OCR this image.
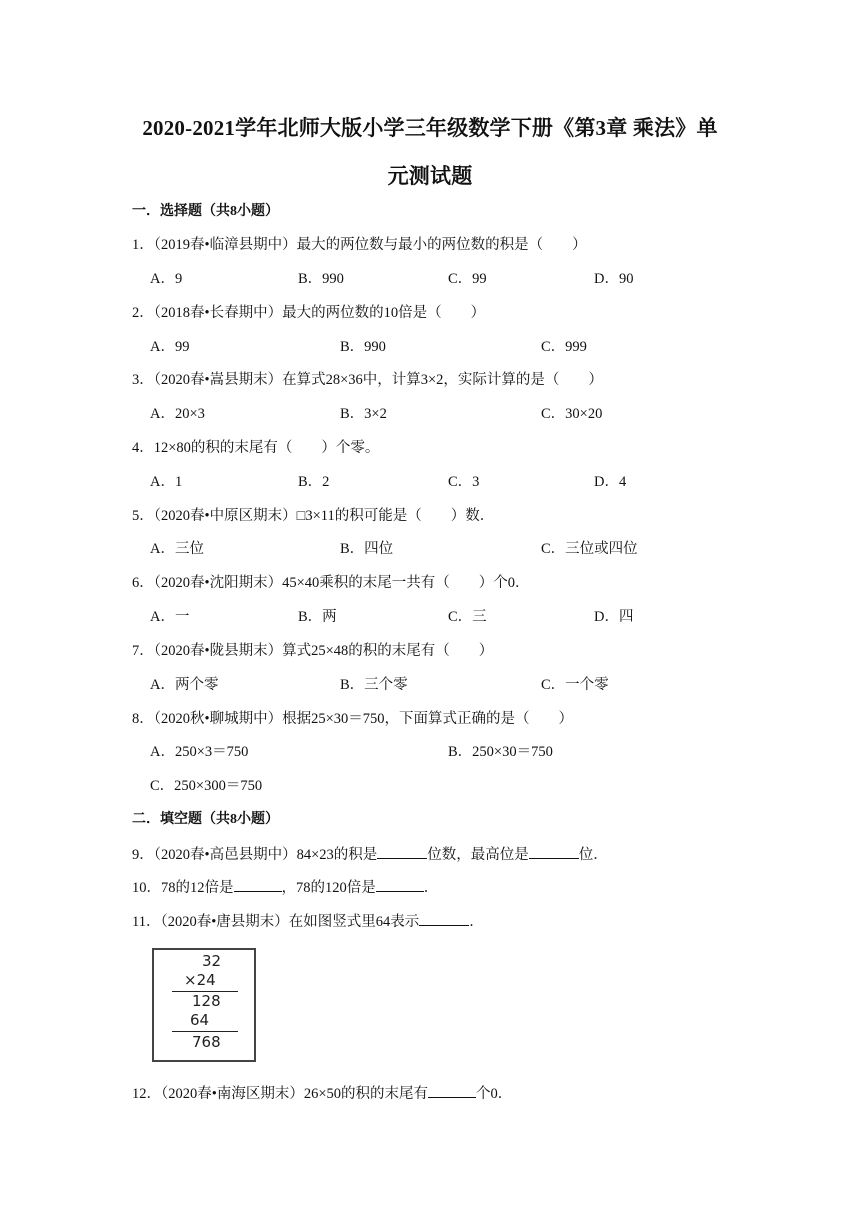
2020-2021学年北师大版小学三年级数学下册《第3章 乘法》单
元测试题
一．选择题（共8小题）
1．（2019春•临漳县期中）最大的两位数与最小的两位数的积是（　　）
A．9	B．990	C．99	D．90
2．（2018春•长春期中）最大的两位数的10倍是（　　）
A．99	B．990	C．999
3．（2020春•嵩县期末）在算式28×36中，计算3×2，实际计算的是（　　）
A．20×3	B．3×2	C．30×20
4．12×80的积的末尾有（　　）个零。
A．1	B．2	C．3	D．4
5．（2020春•中原区期末）□3×11的积可能是（　　）数．
A．三位	B．四位	C．三位或四位
6．（2020春•沈阳期末）45×40乘积的末尾一共有（　　）个0．
A．一	B．两	C．三	D．四
7．（2020春•陇县期末）算式25×48的积的末尾有（　　）
A．两个零	B．三个零	C．一个零
8．（2020秋•聊城期中）根据25×30＝750，下面算式正确的是（　　）
A．250×3＝750	B．250×30＝750
C．250×300＝750
二．填空题（共8小题）
9．（2020春•高邑县期中）84×23的积是	位数，最高位是	位．
10．78的12倍是	，78的120倍是	．
11．（2020春•唐县期末）在如图竖式里64表示	．
32
×24
128
64
768
12．（2020春•南海区期末）26×50的积的末尾有	个0．
